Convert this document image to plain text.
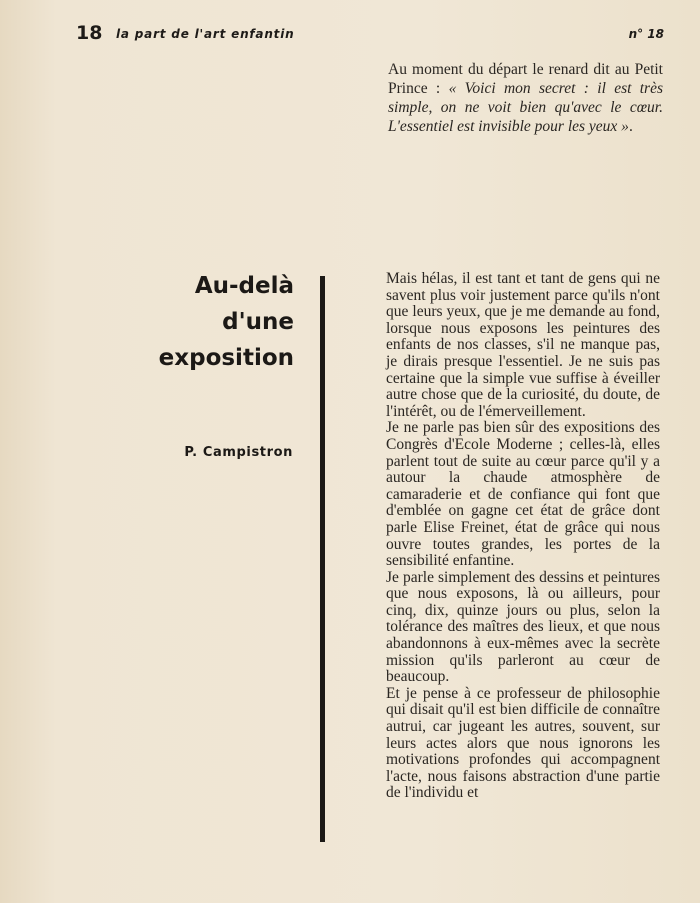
18 la part de l'art enfantin	n° 18
Au moment du départ le renard dit au Petit Prince : « Voici mon secret : il est très simple, on ne voit bien qu'avec le cœur. L'essentiel est invisible pour les yeux ».
Au-delà
d'une
exposition
P. Campistron

Mais hélas, il est tant et tant de gens qui ne savent plus voir justement parce qu'ils n'ont que leurs yeux, que je me demande au fond, lorsque nous exposons les peintures des enfants de nos classes, s'il ne manque pas, je dirais presque l'essentiel. Je ne suis pas certaine que la simple vue suffise à éveiller autre chose que de la curiosité, du doute, de l'intérêt, ou de l'émerveillement.

Je ne parle pas bien sûr des expositions des Congrès d'Ecole Moderne ; celles-là, elles parlent tout de suite au cœur parce qu'il y a autour la chaude atmosphère de camaraderie et de confiance qui font que d'emblée on gagne cet état de grâce dont parle Elise Freinet, état de grâce qui nous ouvre toutes grandes, les portes de la sensibilité enfantine.

Je parle simplement des dessins et peintures que nous exposons, là ou ailleurs, pour cinq, dix, quinze jours ou plus, selon la tolérance des maîtres des lieux, et que nous abandonnons à eux-mêmes avec la secrète mission qu'ils parleront au cœur de beaucoup.

Et je pense à ce professeur de philosophie qui disait qu'il est bien difficile de connaître autrui, car jugeant les autres, souvent, sur leurs actes alors que nous ignorons les motivations profondes qui accompagnent l'acte, nous faisons abstraction d'une partie de l'individu et
